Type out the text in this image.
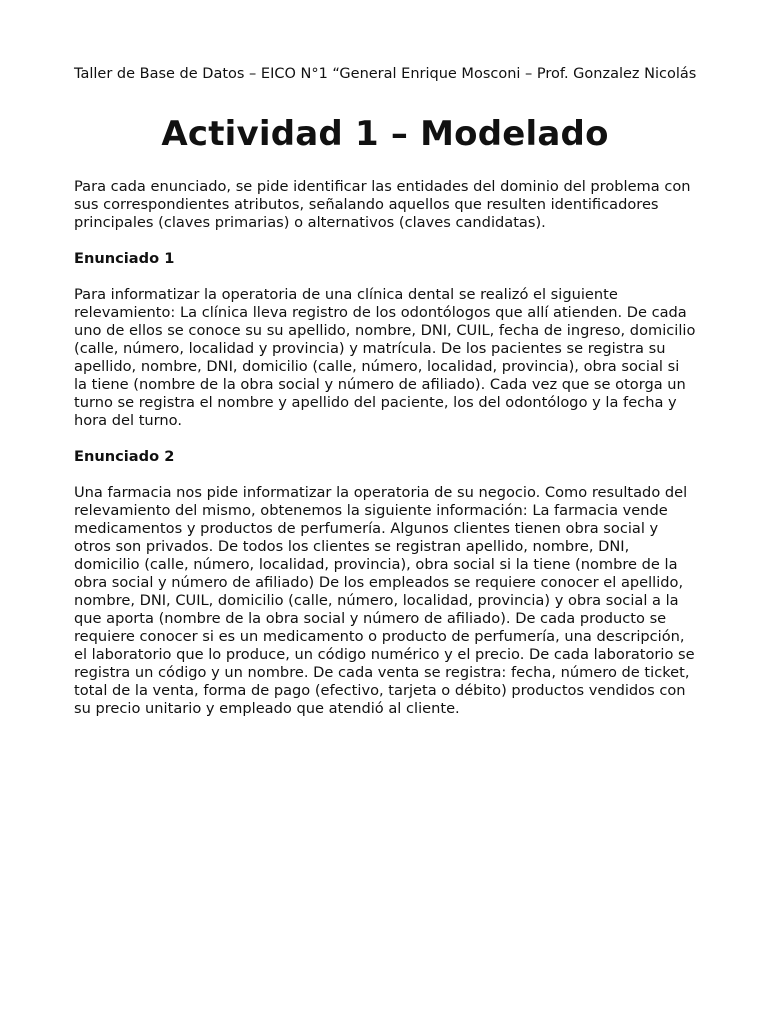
Taller de Base de Datos – EICO N°1 “General Enrique Mosconi – Prof. Gonzalez Nicolás
Actividad 1 – Modelado

Para cada enunciado, se pide identificar las entidades del dominio del problema con sus correspondientes atributos, señalando aquellos que resulten identificadores principales (claves primarias) o alternativos (claves candidatas).

Enunciado 1

Para informatizar la operatoria de una clínica dental se realizó el siguiente relevamiento: La clínica lleva registro de los odontólogos que allí atienden. De cada uno de ellos se conoce su su apellido, nombre, DNI, CUIL, fecha de ingreso, domicilio (calle, número, localidad y provincia) y matrícula. De los pacientes se registra su apellido, nombre, DNI, domicilio (calle, número, localidad, provincia), obra social si la tiene (nombre de la obra social y número de afiliado). Cada vez que se otorga un turno se registra el nombre y apellido del paciente, los del odontólogo y la fecha y hora del turno.

Enunciado 2

Una farmacia nos pide informatizar la operatoria de su negocio. Como resultado del relevamiento del mismo, obtenemos la siguiente información: La farmacia vende medicamentos y productos de perfumería. Algunos clientes tienen obra social y otros son privados. De todos los clientes se registran apellido, nombre, DNI, domicilio (calle, número, localidad, provincia), obra social si la tiene (nombre de la obra social y número de afiliado) De los empleados se requiere conocer el apellido, nombre, DNI, CUIL, domicilio (calle, número, localidad, provincia) y obra social a la que aporta (nombre de la obra social y número de afiliado). De cada producto se requiere conocer si es un medicamento o producto de perfumería, una descripción, el laboratorio que lo produce, un código numérico y el precio. De cada laboratorio se registra un código y un nombre. De cada venta se registra: fecha, número de ticket, total de la venta, forma de pago (efectivo, tarjeta o débito) productos vendidos con su precio unitario y empleado que atendió al cliente.
